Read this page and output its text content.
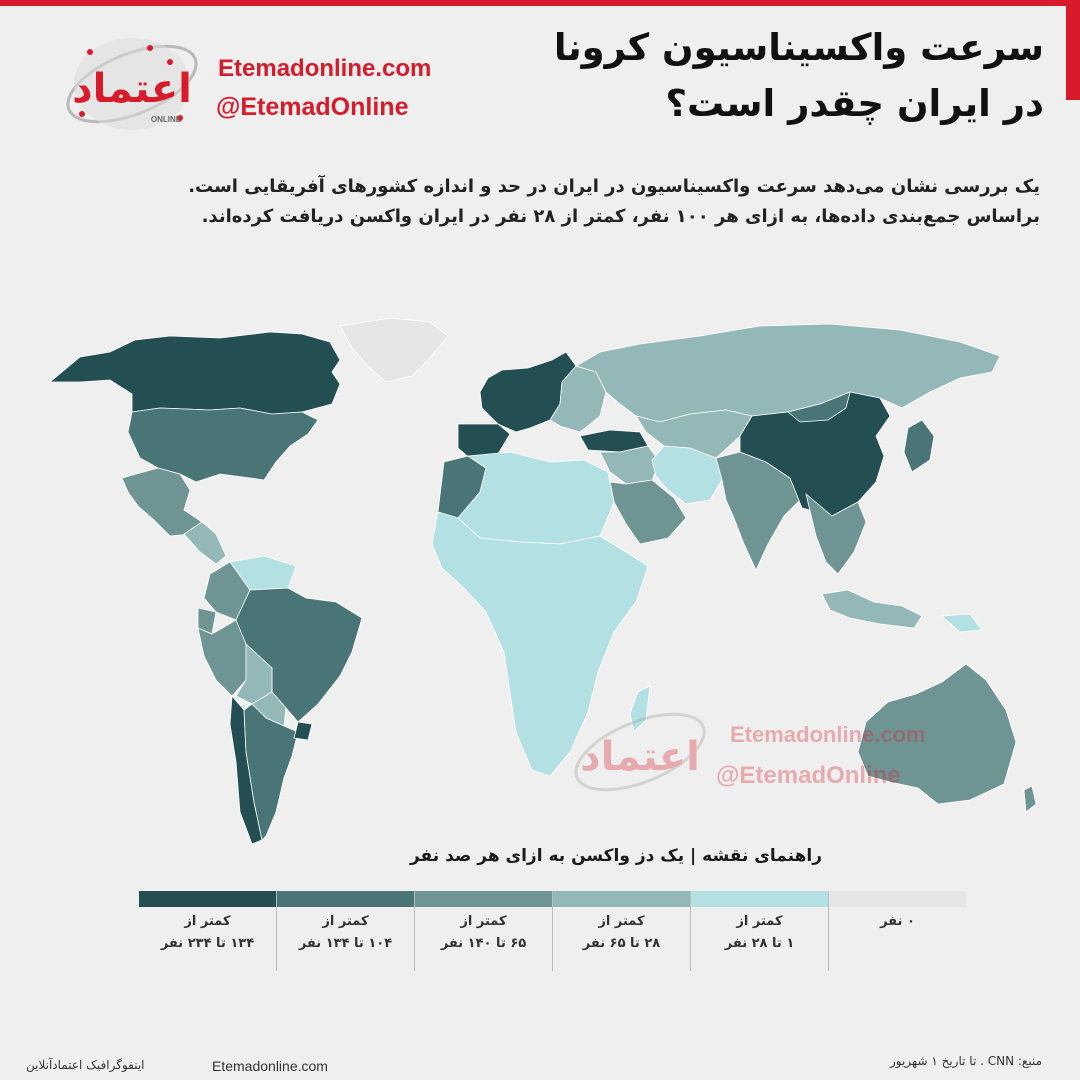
اعتماد
ONLINE
Etemadonline.com
@EtemadOnline
سرعت واکسیناسیون کرونا
در ایران چقدر است؟
یک بررسی نشان می‌دهد سرعت واکسیناسیون در ایران در حد و اندازه کشورهای آفریقایی است.
براساس جمع‌بندی داده‌ها، به ازای هر ۱۰۰ نفر، کمتر از ۲۸ نفر در ایران واکسن دریافت کرده‌اند.
اعتماد Etemadonline.com
@EtemadOnline
راهنمای نقشه | یک دز واکسن به ازای هر صد نفر
کمتر از
۱۳۴ تا ۲۳۴ نفر
کمتر از
۱۰۴ تا ۱۳۴ نفر
کمتر از
۶۵ تا ۱۴۰ نفر
کمتر از
۲۸ تا ۶۵ نفر
کمتر از
۱ تا ۲۸ نفر
۰ نفر
اینفوگرافیک اعتمادآنلاین	Etemadonline.com	منبع: CNN . تا تاریخ ۱ شهریور
